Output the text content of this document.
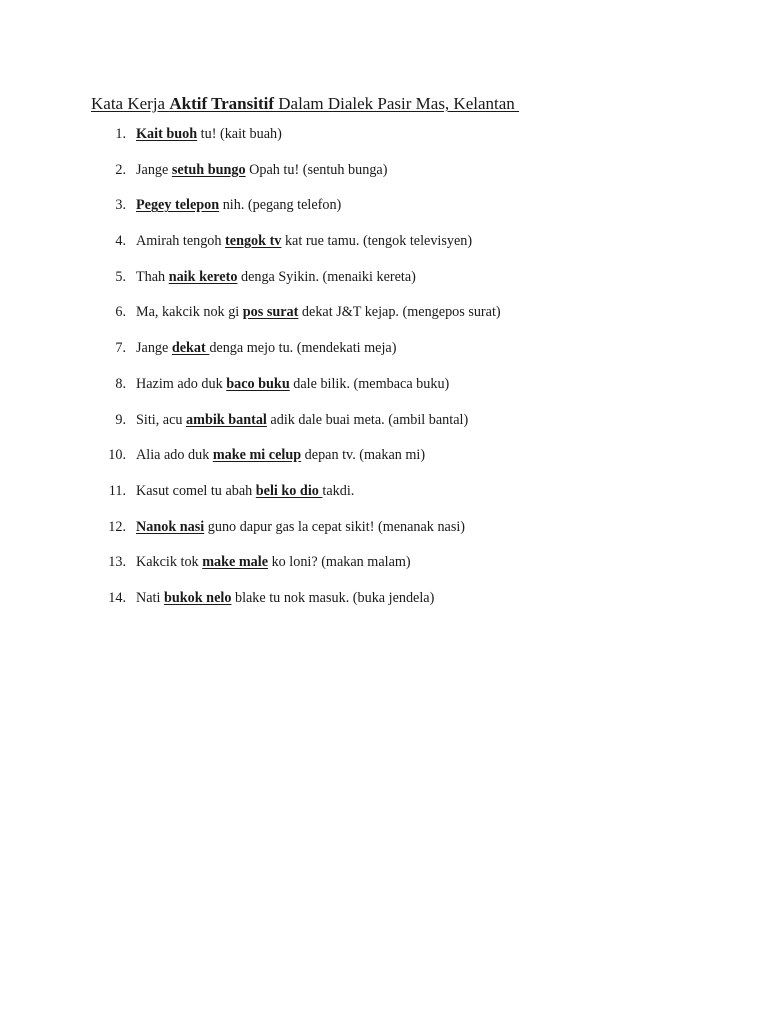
Kata Kerja Aktif Transitif Dalam Dialek Pasir Mas, Kelantan
1. Kait buoh tu! (kait buah)
2. Jange setuh bungo Opah tu! (sentuh bunga)
3. Pegey telepon nih. (pegang telefon)
4. Amirah tengoh tengok tv kat rue tamu. (tengok televisyen)
5. Thah naik kereto denga Syikin. (menaiki kereta)
6. Ma, kakcik nok gi pos surat dekat J&T kejap. (mengepos surat)
7. Jange dekat denga mejo tu. (mendekati meja)
8. Hazim ado duk baco buku dale bilik. (membaca buku)
9. Siti, acu ambik bantal adik dale buai meta. (ambil bantal)
10. Alia ado duk make mi celup depan tv. (makan mi)
11. Kasut comel tu abah beli ko dio takdi.
12. Nanok nasi guno dapur gas la cepat sikit! (menanak nasi)
13. Kakcik tok make male ko loni? (makan malam)
14. Nati bukok nelo blake tu nok masuk. (buka jendela)
